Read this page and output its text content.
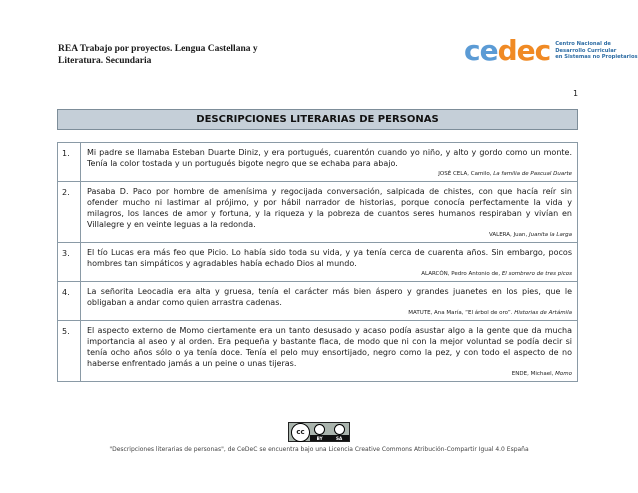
REA Trabajo por proyectos. Lengua Castellana y Literatura. Secundaria	cedec Centro Nacional de
Desarrollo Curricular
en Sistemas no Propietarios
1
DESCRIPCIONES LITERARIAS DE PERSONAS
1.	Mi padre se llamaba Esteban Duarte Diniz, y era portugués, cuarentón cuando yo niño, y alto y gordo como un monte. Tenía la color tostada y un portugués bigote negro que se echaba para abajo.

JOSÉ CELA, Camilo, La familia de Pascual Duarte

2.	Pasaba D. Paco por hombre de amenísima y regocijada conversación, salpicada de chistes, con que hacía reír sin ofender mucho ni lastimar al prójimo, y por hábil narrador de historias, porque conocía perfectamente la vida y milagros, los lances de amor y fortuna, y la riqueza y la pobreza de cuantos seres humanos respiraban y vivían en Villalegre y en veinte leguas a la redonda.

VALERA, Juan, Juanita la Larga

3.	El tío Lucas era más feo que Picio. Lo había sido toda su vida, y ya tenía cerca de cuarenta años. Sin embargo, pocos hombres tan simpáticos y agradables había echado Dios al mundo.

ALARCÓN, Pedro Antonio de, El sombrero de tres picos

4.	La señorita Leocadia era alta y gruesa, tenía el carácter más bien áspero y grandes juanetes en los pies, que le obligaban a andar como quien arrastra cadenas.

MATUTE, Ana María, “El árbol de oro”. Historias de Artámila

5.	El aspecto externo de Momo ciertamente era un tanto desusado y acaso podía asustar algo a la gente que da mucha importancia al aseo y al orden. Era pequeña y bastante flaca, de modo que ni con la mejor voluntad se podía decir si tenía ocho años sólo o ya tenía doce. Tenía el pelo muy ensortijado, negro como la pez, y con todo el aspecto de no haberse enfrentado jamás a un peine o unas tijeras.

ENDE, Michael, Momo
cc
BY	SA
"Descripciones literarias de personas", de CeDeC se encuentra bajo una Licencia Creative Commons Atribución-Compartir Igual 4.0 España
